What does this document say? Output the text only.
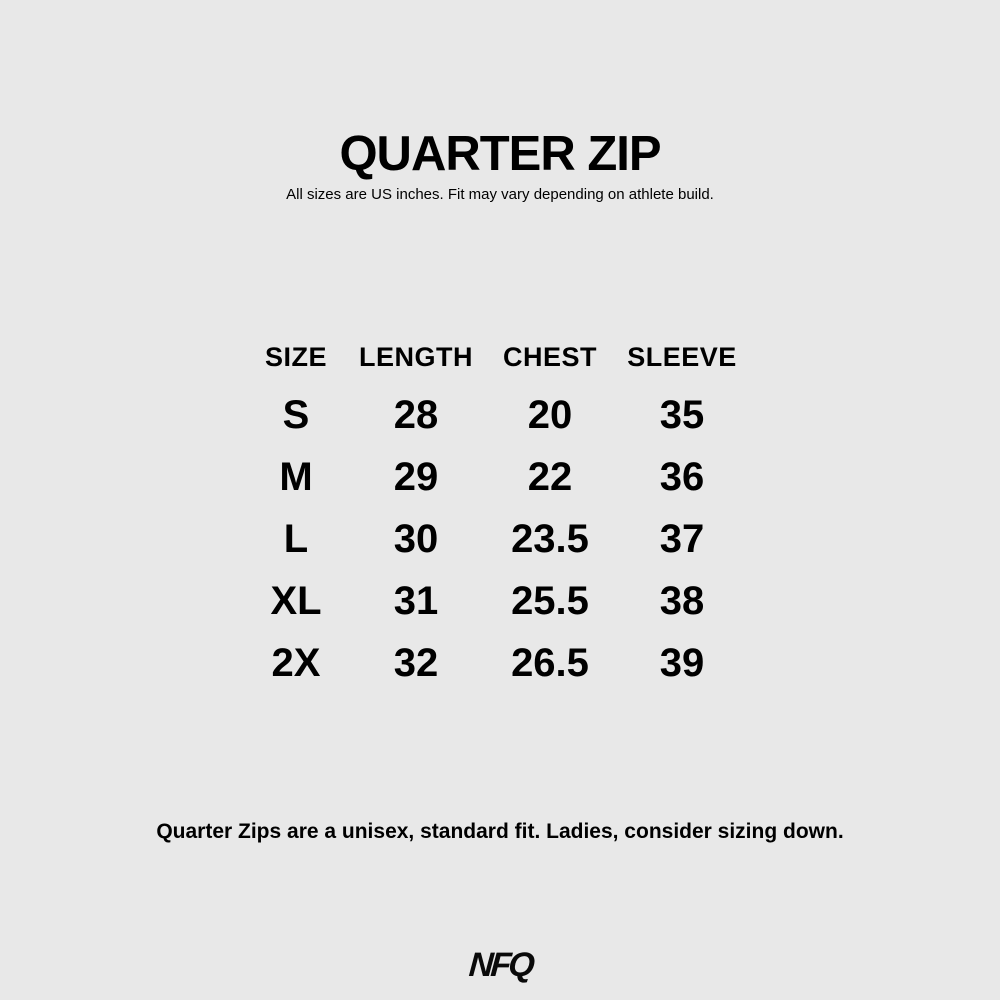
QUARTER ZIP
All sizes are US inches. Fit may vary depending on athlete build.
SIZE	LENGTH	CHEST	SLEEVE
S	28	20	35
M	29	22	36
L	30	23.5	37
XL	31	25.5	38
2X	32	26.5	39
Quarter Zips are a unisex, standard fit. Ladies, consider sizing down.
NFQ
